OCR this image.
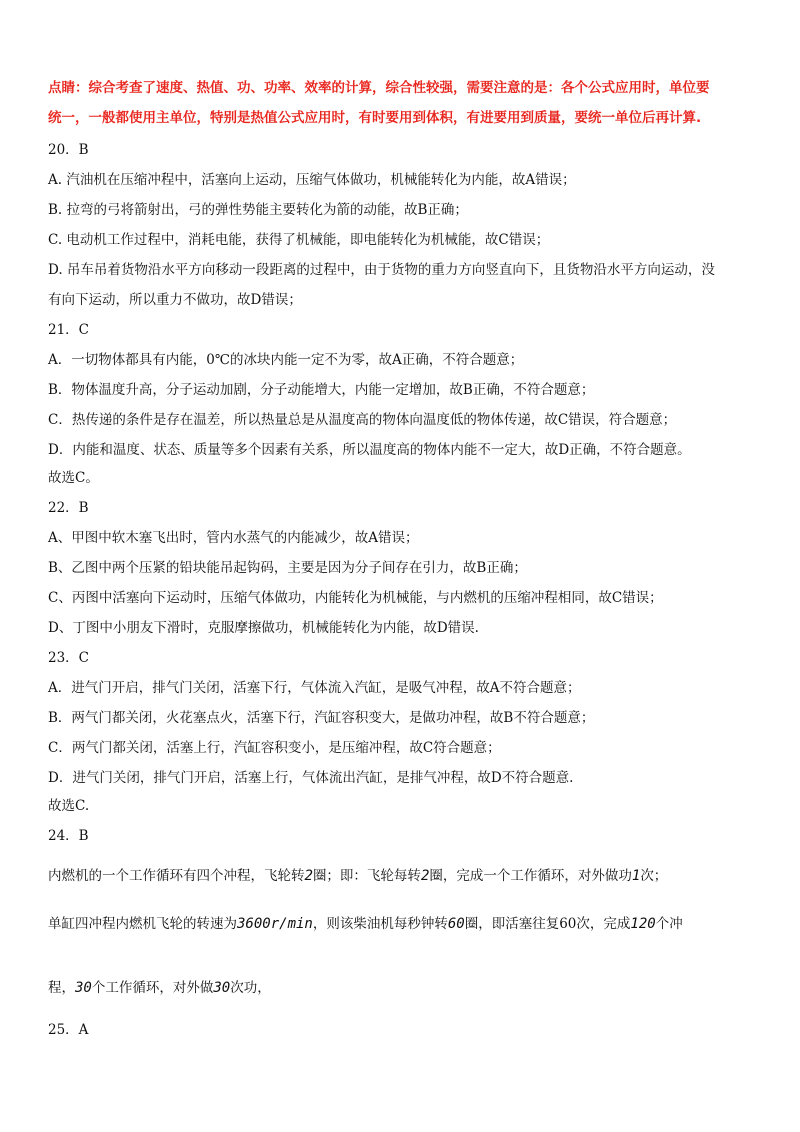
点睛：综合考查了速度、热值、功、功率、效率的计算，综合性较强，需要注意的是：各个公式应用时，单位要
统一，一般都使用主单位，特别是热值公式应用时，有时要用到体积，有进要用到质量，要统一单位后再计算.
20．B
A. 汽油机在压缩冲程中，活塞向上运动，压缩气体做功，机械能转化为内能，故A错误；
B. 拉弯的弓将箭射出，弓的弹性势能主要转化为箭的动能，故B正确；
C. 电动机工作过程中，消耗电能，获得了机械能，即电能转化为机械能，故C错误；
D. 吊车吊着货物沿水平方向移动一段距离的过程中，由于货物的重力方向竖直向下，且货物沿水平方向运动，没
有向下运动，所以重力不做功，故D错误；
21．C
A．一切物体都具有内能，0℃的冰块内能一定不为零，故A正确，不符合题意；
B．物体温度升高，分子运动加剧，分子动能增大，内能一定增加，故B正确，不符合题意；
C．热传递的条件是存在温差，所以热量总是从温度高的物体向温度低的物体传递，故C错误，符合题意；
D．内能和温度、状态、质量等多个因素有关系，所以温度高的物体内能不一定大，故D正确，不符合题意。
故选C。
22．B
A、甲图中软木塞飞出时，管内水蒸气的内能减少，故A错误；
B、乙图中两个压紧的铅块能吊起钩码，主要是因为分子间存在引力，故B正确；
C、丙图中活塞向下运动时，压缩气体做功，内能转化为机械能，与内燃机的压缩冲程相同，故C错误；
D、丁图中小朋友下滑时，克服摩擦做功，机械能转化为内能，故D错误.
23．C
A．进气门开启，排气门关闭，活塞下行，气体流入汽缸，是吸气冲程，故A不符合题意；
B．两气门都关闭，火花塞点火，活塞下行，汽缸容积变大，是做功冲程，故B不符合题意；
C．两气门都关闭，活塞上行，汽缸容积变小，是压缩冲程，故C符合题意；
D．进气门关闭，排气门开启，活塞上行，气体流出汽缸，是排气冲程，故D不符合题意.
故选C.
24．B
内燃机的一个工作循环有四个冲程，飞轮转2圈；即：飞轮每转2圈，完成一个工作循环，对外做功1次；
单缸四冲程内燃机飞轮的转速为3600r/min，则该柴油机每秒钟转60圈，即活塞往复60次，完成120个冲
程，30个工作循环，对外做30次功，
25．A
